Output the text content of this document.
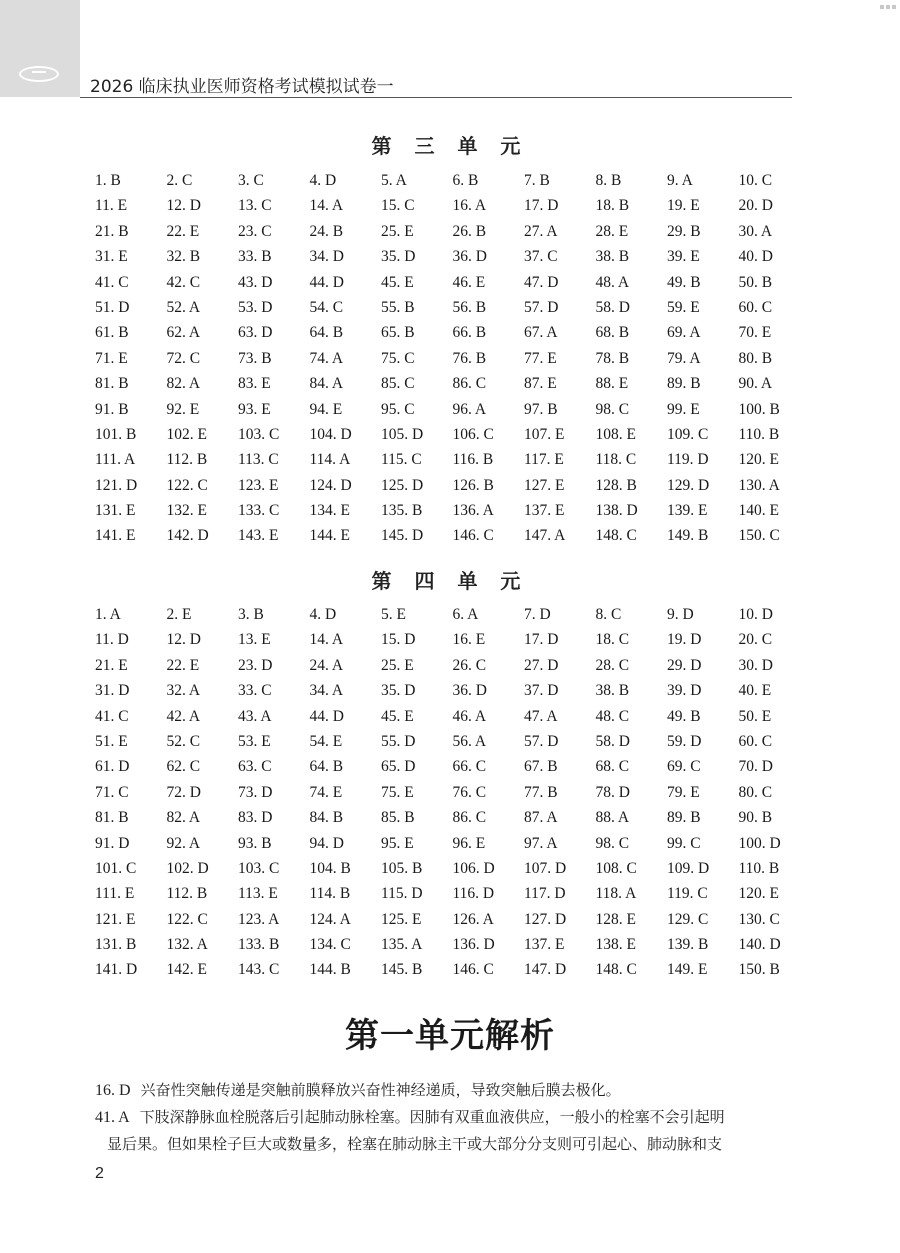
2026 临床执业医师资格考试模拟试卷一
第 三 单 元
1. B	2. C	3. C	4. D	5. A	6. B	7. B	8. B	9. A	10. C
11. E	12. D	13. C	14. A	15. C	16. A	17. D	18. B	19. E	20. D
21. B	22. E	23. C	24. B	25. E	26. B	27. A	28. E	29. B	30. A
31. E	32. B	33. B	34. D	35. D	36. D	37. C	38. B	39. E	40. D
41. C	42. C	43. D	44. D	45. E	46. E	47. D	48. A	49. B	50. B
51. D	52. A	53. D	54. C	55. B	56. B	57. D	58. D	59. E	60. C
61. B	62. A	63. D	64. B	65. B	66. B	67. A	68. B	69. A	70. E
71. E	72. C	73. B	74. A	75. C	76. B	77. E	78. B	79. A	80. B
81. B	82. A	83. E	84. A	85. C	86. C	87. E	88. E	89. B	90. A
91. B	92. E	93. E	94. E	95. C	96. A	97. B	98. C	99. E	100. B
101. B	102. E	103. C	104. D	105. D	106. C	107. E	108. E	109. C	110. B
111. A	112. B	113. C	114. A	115. C	116. B	117. E	118. C	119. D	120. E
121. D	122. C	123. E	124. D	125. D	126. B	127. E	128. B	129. D	130. A
131. E	132. E	133. C	134. E	135. B	136. A	137. E	138. D	139. E	140. E
141. E	142. D	143. E	144. E	145. D	146. C	147. A	148. C	149. B	150. C
第 四 单 元
1. A	2. E	3. B	4. D	5. E	6. A	7. D	8. C	9. D	10. D
11. D	12. D	13. E	14. A	15. D	16. E	17. D	18. C	19. D	20. C
21. E	22. E	23. D	24. A	25. E	26. C	27. D	28. C	29. D	30. D
31. D	32. A	33. C	34. A	35. D	36. D	37. D	38. B	39. D	40. E
41. C	42. A	43. A	44. D	45. E	46. A	47. A	48. C	49. B	50. E
51. E	52. C	53. E	54. E	55. D	56. A	57. D	58. D	59. D	60. C
61. D	62. C	63. C	64. B	65. D	66. C	67. B	68. C	69. C	70. D
71. C	72. D	73. D	74. E	75. E	76. C	77. B	78. D	79. E	80. C
81. B	82. A	83. D	84. B	85. B	86. C	87. A	88. A	89. B	90. B
91. D	92. A	93. B	94. D	95. E	96. E	97. A	98. C	99. C	100. D
101. C	102. D	103. C	104. B	105. B	106. D	107. D	108. C	109. D	110. B
111. E	112. B	113. E	114. B	115. D	116. D	117. D	118. A	119. C	120. E
121. E	122. C	123. A	124. A	125. E	126. A	127. D	128. E	129. C	130. C
131. B	132. A	133. B	134. C	135. A	136. D	137. E	138. E	139. B	140. D
141. D	142. E	143. C	144. B	145. B	146. C	147. D	148. C	149. E	150. B
第一单元解析

16. D 兴奋性突触传递是突触前膜释放兴奋性神经递质，导致突触后膜去极化。

41. A 下肢深静脉血栓脱落后引起肺动脉栓塞。因肺有双重血液供应，一般小的栓塞不会引起明

显后果。但如果栓子巨大或数量多，栓塞在肺动脉主干或大部分分支则可引起心、肺动脉和支

2
